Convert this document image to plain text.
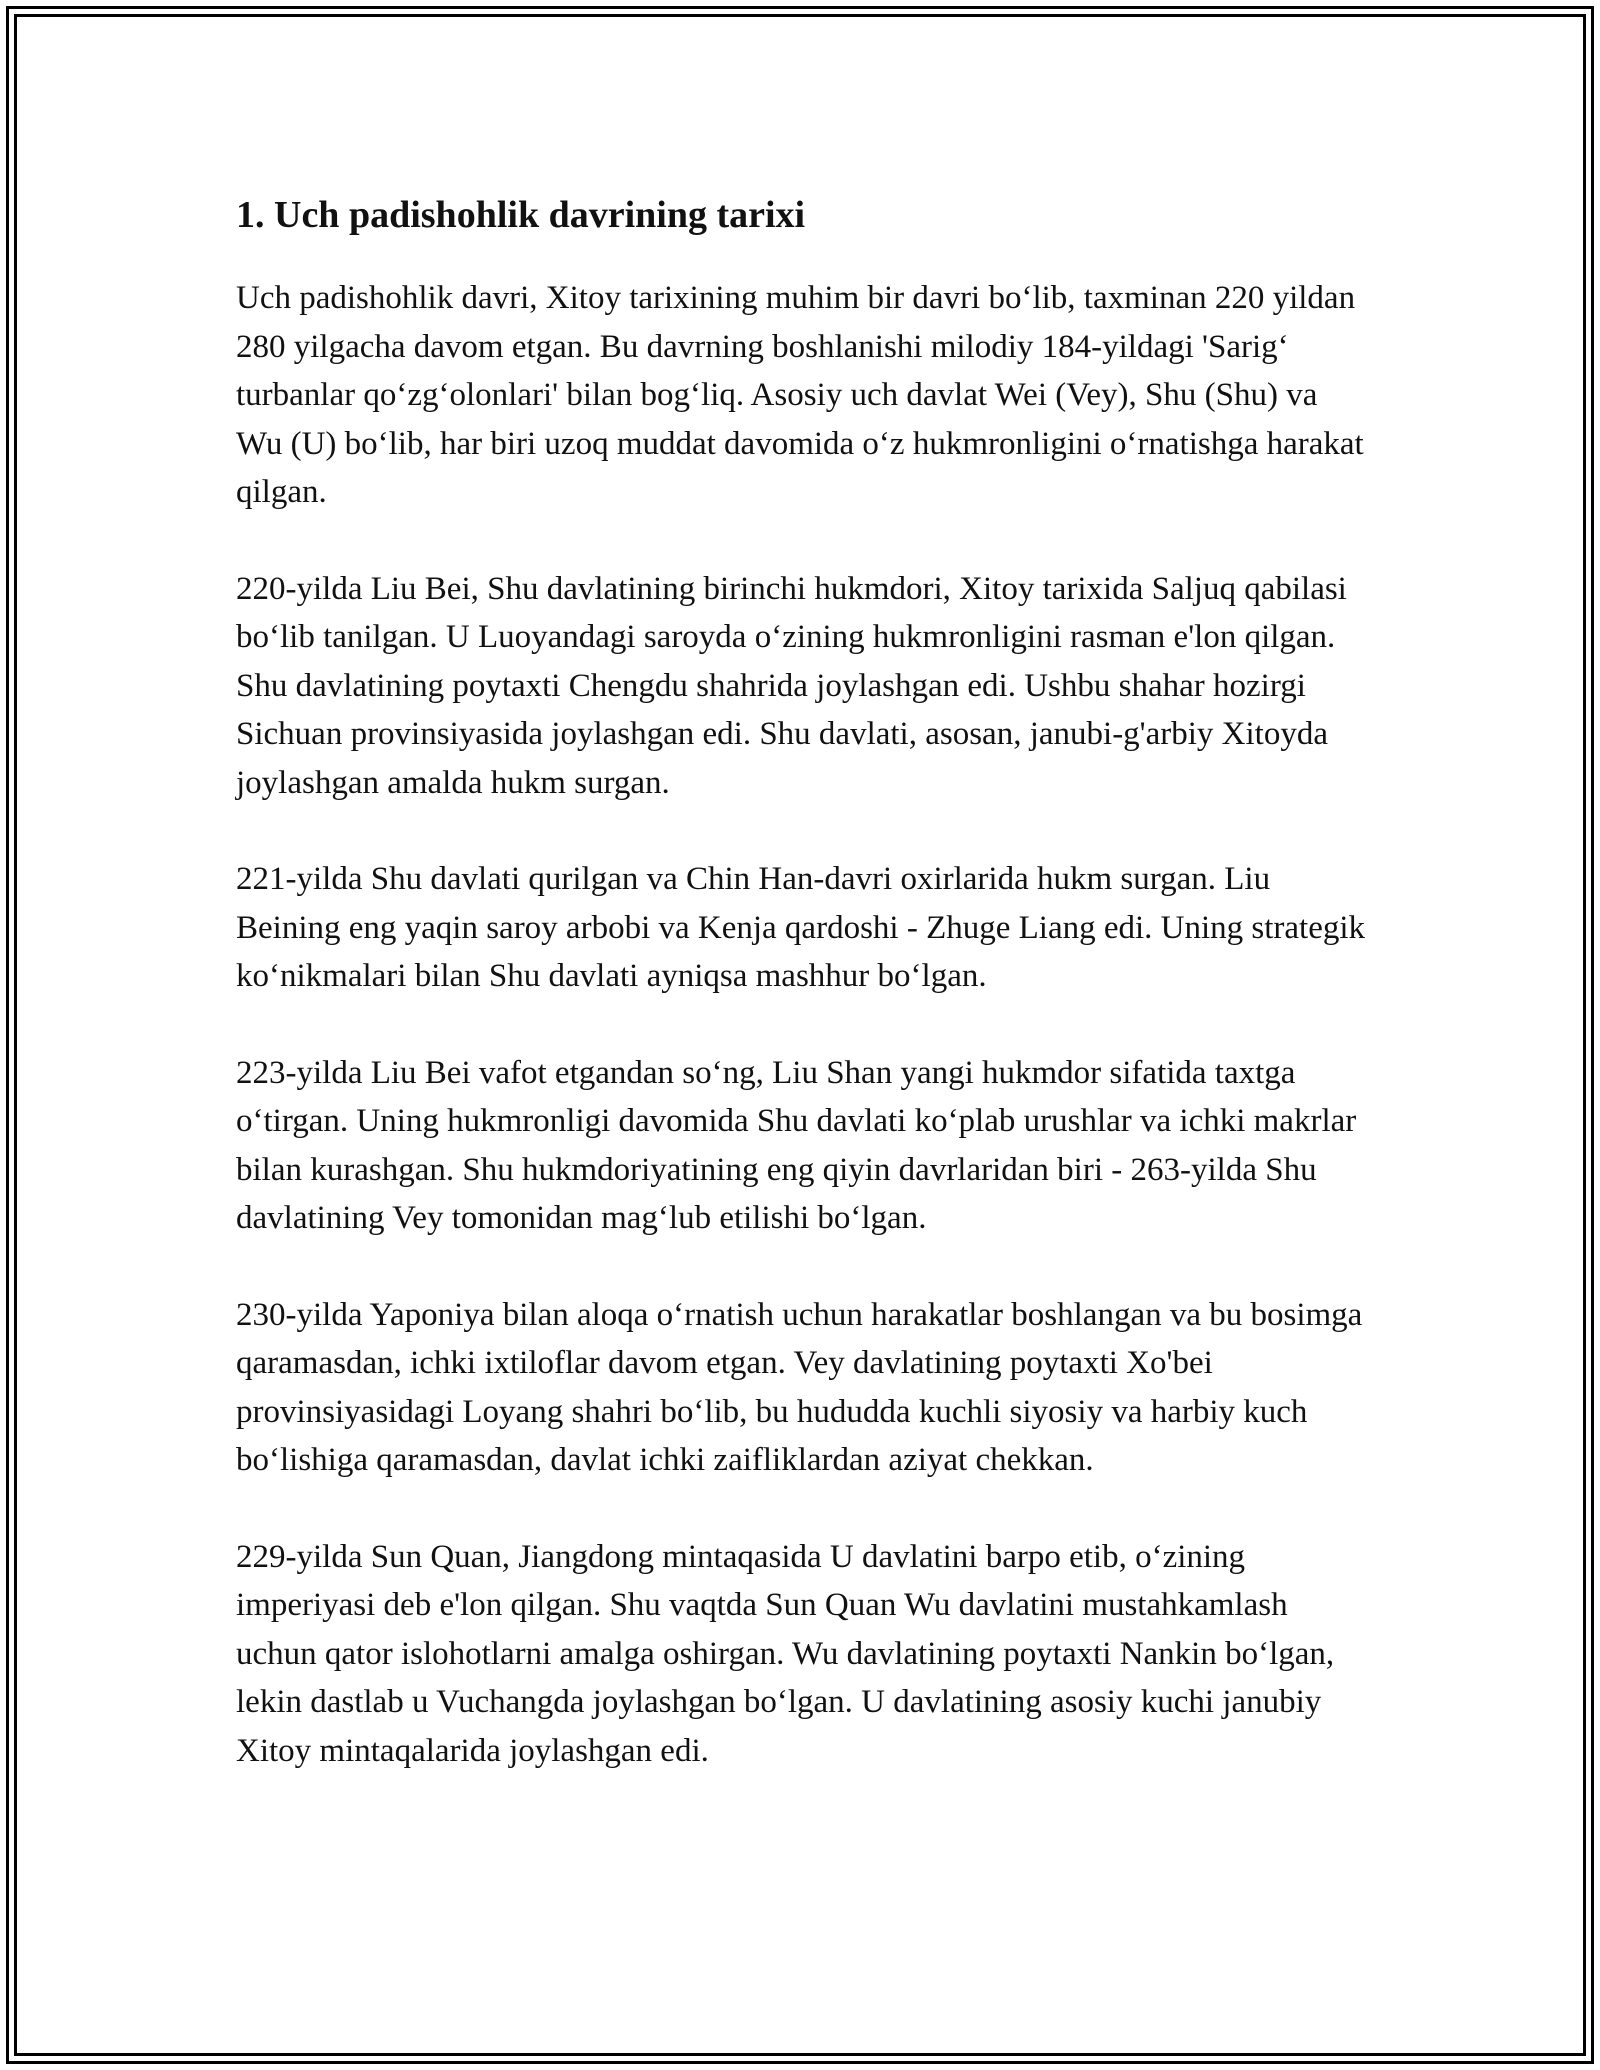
1. Uch padishohlik davrining tarixi

Uch padishohlik davri, Xitoy tarixining muhim bir davri bo‘lib, taxminan 220 yildan 280 yilgacha davom etgan. Bu davrning boshlanishi milodiy 184-yildagi 'Sarig‘ turbanlar qo‘zg‘olonlari' bilan bog‘liq. Asosiy uch davlat Wei (Vey), Shu (Shu) va Wu (U) bo‘lib, har biri uzoq muddat davomida o‘z hukmronligini o‘rnatishga harakat qilgan.

220-yilda Liu Bei, Shu davlatining birinchi hukmdori, Xitoy tarixida Saljuq qabilasi bo‘lib tanilgan. U Luoyandagi saroyda o‘zining hukmronligini rasman e'lon qilgan. Shu davlatining poytaxti Chengdu shahrida joylashgan edi. Ushbu shahar hozirgi Sichuan provinsiyasida joylashgan edi. Shu davlati, asosan, janubi-g'arbiy Xitoyda joylashgan amalda hukm surgan.

221-yilda Shu davlati qurilgan va Chin Han-davri oxirlarida hukm surgan. Liu Beining eng yaqin saroy arbobi va Kenja qardoshi - Zhuge Liang edi. Uning strategik ko‘nikmalari bilan Shu davlati ayniqsa mashhur bo‘lgan.

223-yilda Liu Bei vafot etgandan so‘ng, Liu Shan yangi hukmdor sifatida taxtga o‘tirgan. Uning hukmronligi davomida Shu davlati ko‘plab urushlar va ichki makrlar bilan kurashgan. Shu hukmdoriyatining eng qiyin davrlaridan biri - 263-yilda Shu davlatining Vey tomonidan mag‘lub etilishi bo‘lgan.

230-yilda Yaponiya bilan aloqa o‘rnatish uchun harakatlar boshlangan va bu bosimga qaramasdan, ichki ixtiloflar davom etgan. Vey davlatining poytaxti Xo'bei provinsiyasidagi Loyang shahri bo‘lib, bu hududda kuchli siyosiy va harbiy kuch bo‘lishiga qaramasdan, davlat ichki zaifliklardan aziyat chekkan.

229-yilda Sun Quan, Jiangdong mintaqasida U davlatini barpo etib, o‘zining imperiyasi deb e'lon qilgan. Shu vaqtda Sun Quan Wu davlatini mustahkamlash uchun qator islohotlarni amalga oshirgan. Wu davlatining poytaxti Nankin bo‘lgan, lekin dastlab u Vuchangda joylashgan bo‘lgan. U davlatining asosiy kuchi janubiy Xitoy mintaqalarida joylashgan edi.
